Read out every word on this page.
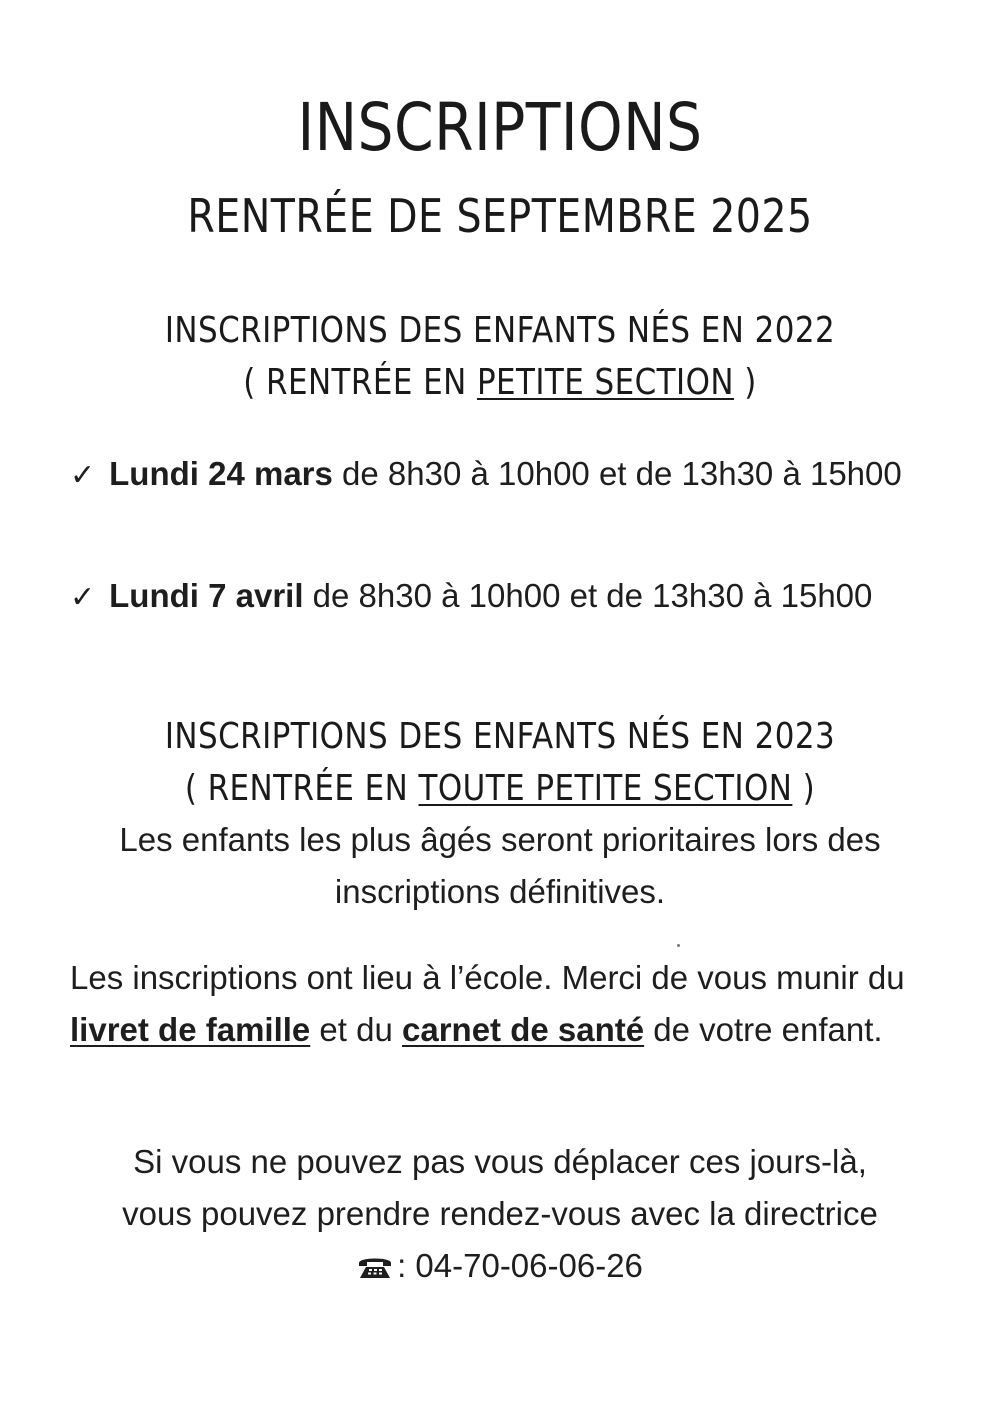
INSCRIPTIONS
RENTRÉE DE SEPTEMBRE 2025
INSCRIPTIONS DES ENFANTS NÉS EN 2022
( RENTRÉE EN PETITE SECTION )
✓ Lundi 24 mars de 8h30 à 10h00 et de 13h30 à 15h00
✓ Lundi 7 avril de 8h30 à 10h00 et de 13h30 à 15h00
INSCRIPTIONS DES ENFANTS NÉS EN 2023
( RENTRÉE EN TOUTE PETITE SECTION )
Les enfants les plus âgés seront prioritaires lors des
inscriptions définitives.
Les inscriptions ont lieu à l’école. Merci de vous munir du livret de famille et du carnet de santé de votre enfant.
Si vous ne pouvez pas vous déplacer ces jours-là,
vous pouvez prendre rendez-vous avec la directrice
: 04-70-06-06-26
